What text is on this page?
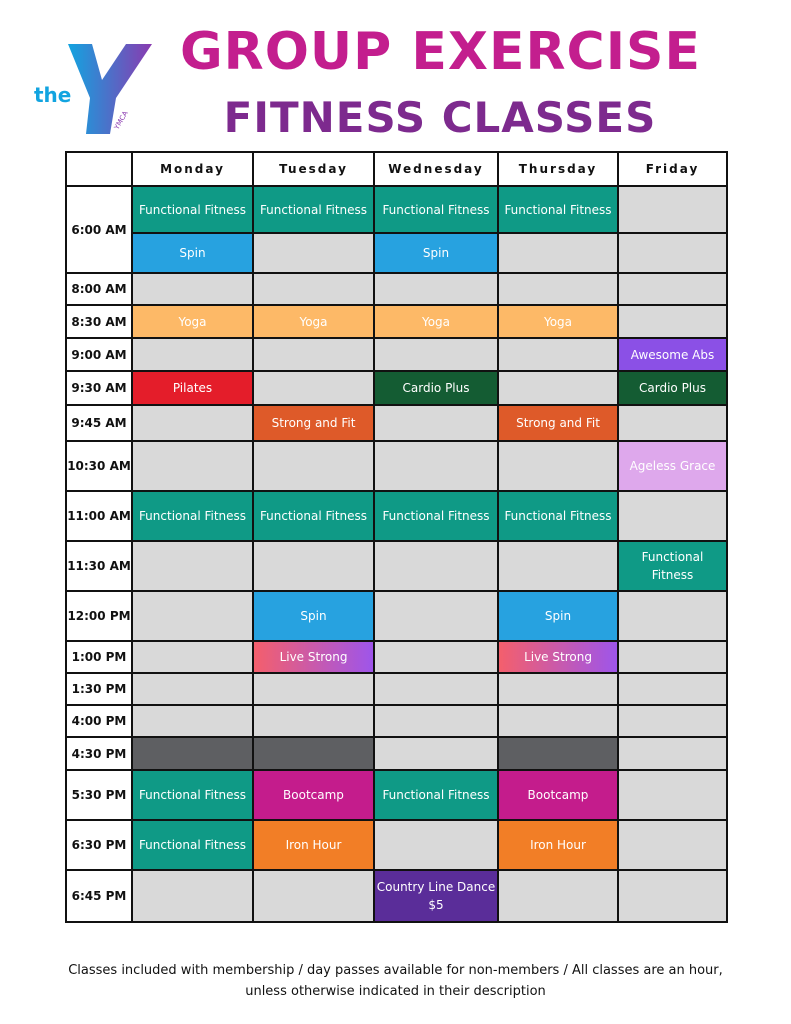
the
YMCA
GROUP EXERCISE
FITNESS CLASSES
	Monday	Tuesday	Wednesday	Thursday	Friday
6:00 AM	Functional Fitness	Functional Fitness	Functional Fitness	Functional Fitness	
	Spin		Spin		
8:00 AM					
8:30 AM	Yoga	Yoga	Yoga	Yoga	
9:00 AM					Awesome Abs
9:30 AM	Pilates		Cardio Plus		Cardio Plus
9:45 AM		Strong and Fit		Strong and Fit	
10:30 AM					Ageless Grace
11:00 AM	Functional Fitness	Functional Fitness	Functional Fitness	Functional Fitness	
11:30 AM					Functional Fitness
12:00 PM		Spin		Spin	
1:00 PM		Live Strong		Live Strong	
1:30 PM					
4:00 PM					
4:30 PM					
5:30 PM	Functional Fitness	Bootcamp	Functional Fitness	Bootcamp	
6:30 PM	Functional Fitness	Iron Hour		Iron Hour	
6:45 PM			Country Line Dance $5		
Classes included with membership / day passes available for non-members / All classes are an hour, unless otherwise indicated in their description
